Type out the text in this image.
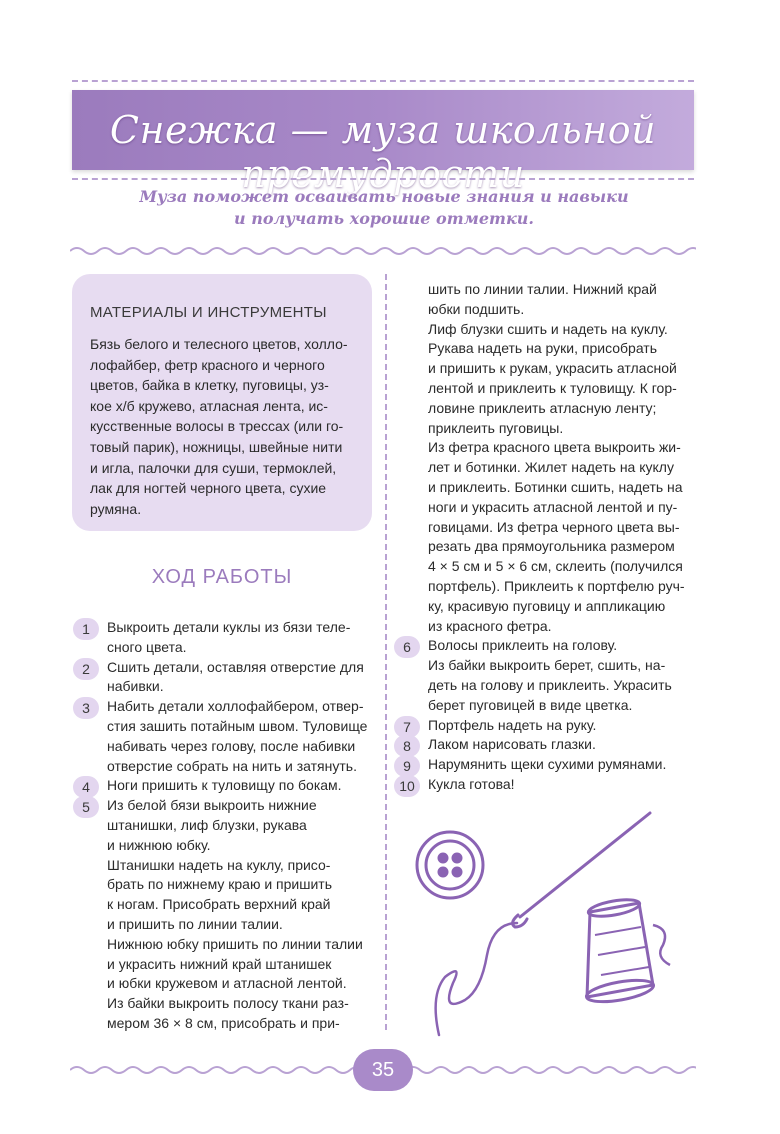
Снежка — муза школьной премудрости
Муза поможет осваивать новые знания и навыки
и получать хорошие отметки.
МАТЕРИАЛЫ И ИНСТРУМЕНТЫ
Бязь белого и телесного цветов, холло-
лофайбер, фетр красного и черного
цветов, байка в клетку, пуговицы, уз-
кое х/б кружево, атласная лента, ис-
кусственные волосы в трессах (или го-
товый парик), ножницы, швейные нити
и игла, палочки для суши, термоклей,
лак для ногтей черного цвета, сухие
румяна.
ХОД РАБОТЫ
1	Выкроить детали куклы из бязи теле-
сного цвета.
2	Сшить детали, оставляя отверстие для
набивки.
3	Набить детали холлофайбером, отвер-
стия зашить потайным швом. Туловище
набивать через голову, после набивки
отверстие собрать на нить и затянуть.
4	Ноги пришить к туловищу по бокам.
5	Из белой бязи выкроить нижние
штанишки, лиф блузки, рукава
и нижнюю юбку.
Штанишки надеть на куклу, присо-
брать по нижнему краю и пришить
к ногам. Присобрать верхний край
и пришить по линии талии.
Нижнюю юбку пришить по линии талии
и украсить нижний край штанишек
и юбки кружевом и атласной лентой.
Из байки выкроить полосу ткани раз-
мером 36 × 8 см, присобрать и при-
шить по линии талии. Нижний край
юбки подшить.
Лиф блузки сшить и надеть на куклу.
Рукава надеть на руки, присобрать
и пришить к рукам, украсить атласной
лентой и приклеить к туловищу. К гор-
ловине приклеить атласную ленту;
приклеить пуговицы.
Из фетра красного цвета выкроить жи-
лет и ботинки. Жилет надеть на куклу
и приклеить. Ботинки сшить, надеть на
ноги и украсить атласной лентой и пу-
говицами. Из фетра черного цвета вы-
резать два прямоугольника размером
4 × 5 см и 5 × 6 см, склеить (получился
портфель). Приклеить к портфелю руч-
ку, красивую пуговицу и аппликацию
из красного фетра.
6	Волосы приклеить на голову.
Из байки выкроить берет, сшить, на-
деть на голову и приклеить. Украсить
берет пуговицей в виде цветка.
7	Портфель надеть на руку.
8	Лаком нарисовать глазки.
9	Нарумянить щеки сухими румянами.
10 Кукла готова!
35
